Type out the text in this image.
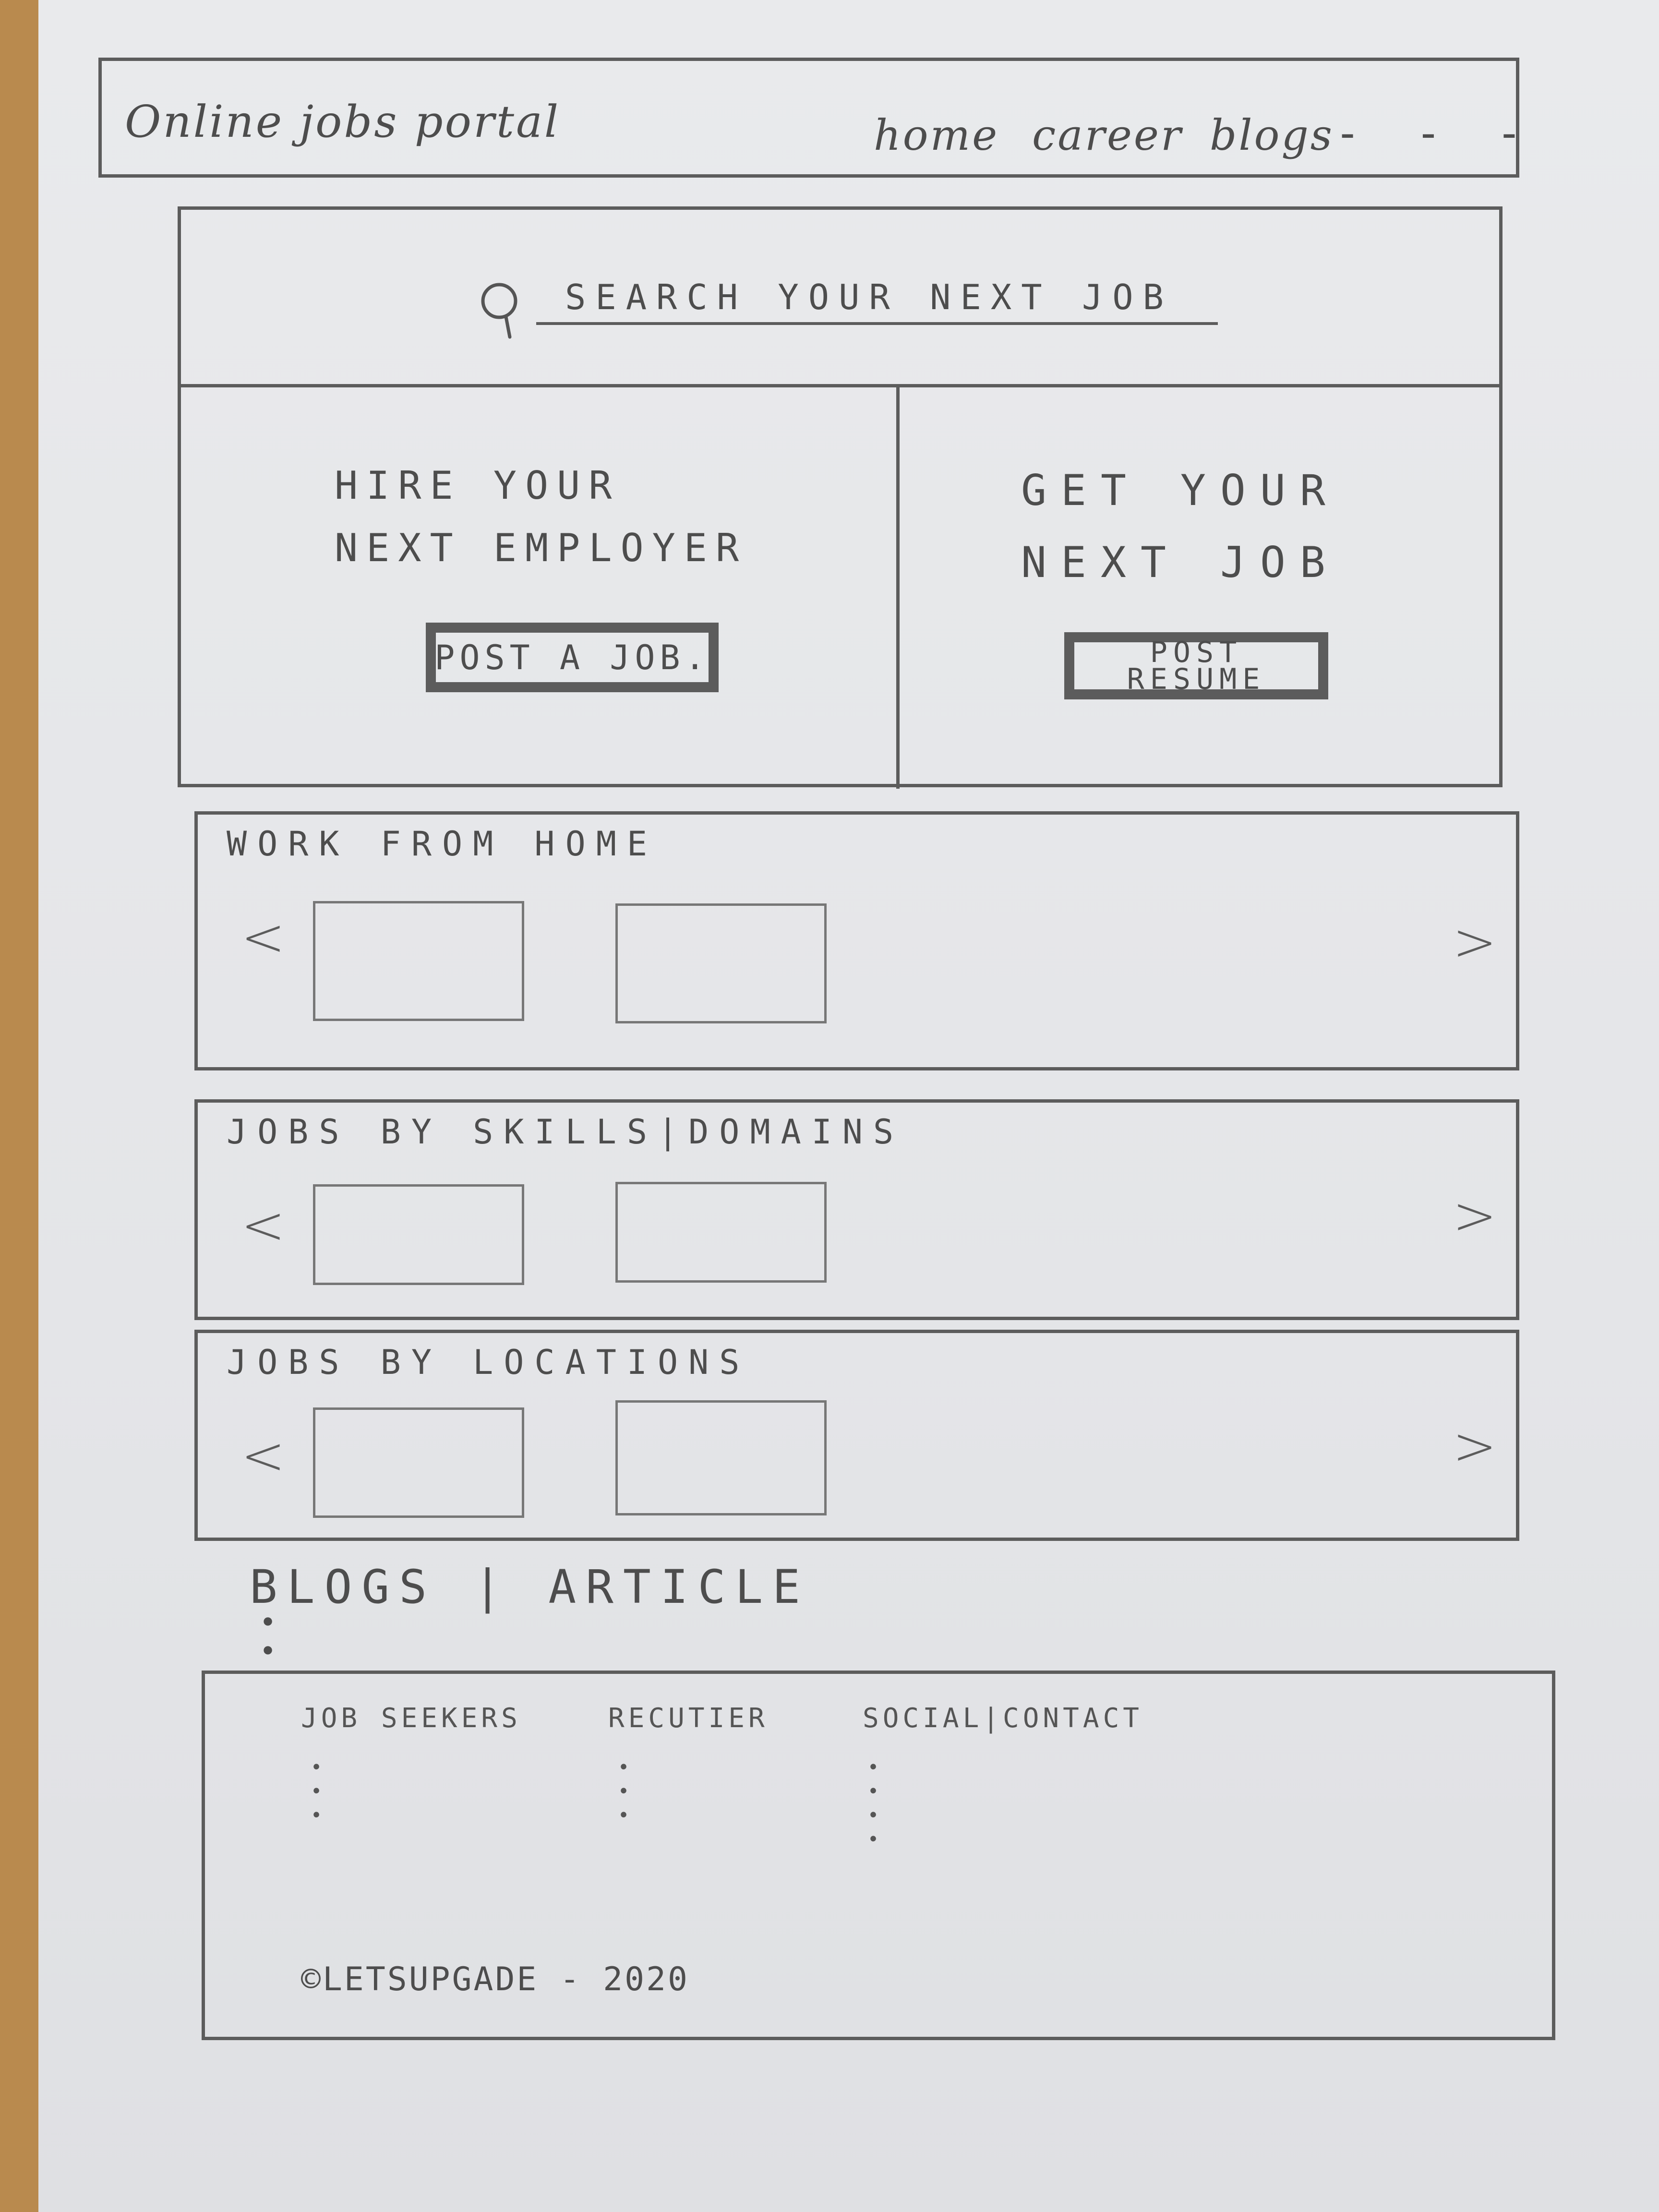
Online jobs portal	home career blogs - - -
SEARCH YOUR NEXT JOB
HIRE YOUR
NEXT EMPLOYER
POST A JOB.
GET YOUR
NEXT JOB
POST
RESUME
WORK FROM HOME
<	>
JOBS BY SKILLS|DOMAINS
<	>
JOBS BY LOCATIONS
<	>
BLOGS | ARTICLE
•
•
JOB SEEKERS
•
•
•
RECUTIER
•
•
•
SOCIAL|CONTACT
•
•
•
•
©LETSUPGADE - 2020
